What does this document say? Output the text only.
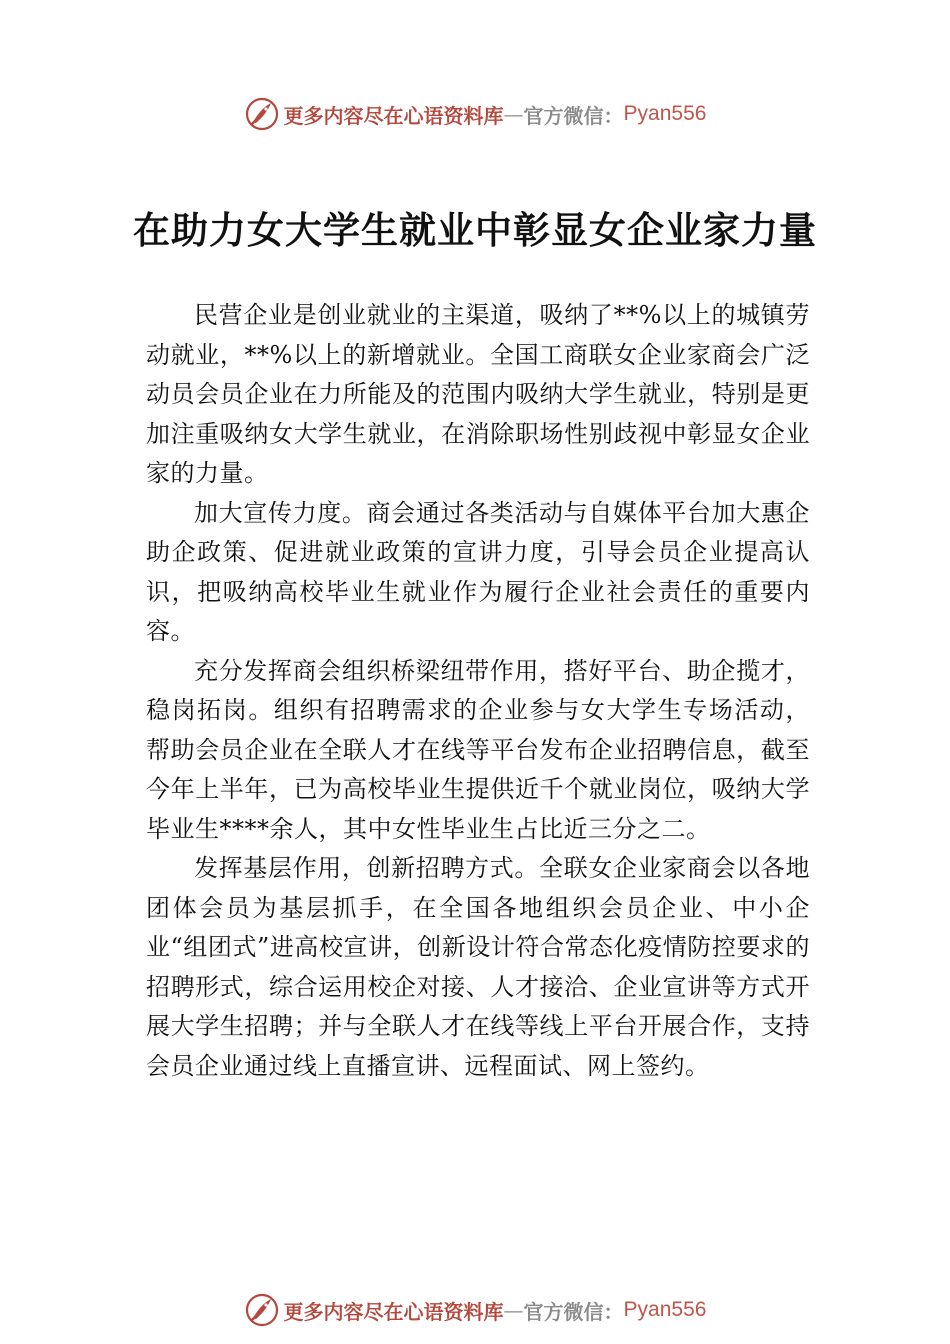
更多内容尽在心语资料库 — 官方微信： Pyan556
在助力女大学生就业中彰显女企业家力量

民营企业是创业就业的主渠道，吸纳了**%以上的城镇劳动就业，**%以上的新增就业。全国工商联女企业家商会广泛动员会员企业在力所能及的范围内吸纳大学生就业，特别是更加注重吸纳女大学生就业，在消除职场性别歧视中彰显女企业家的力量。

加大宣传力度。商会通过各类活动与自媒体平台加大惠企助企政策、促进就业政策的宣讲力度，引导会员企业提高认识，把吸纳高校毕业生就业作为履行企业社会责任的重要内容。

充分发挥商会组织桥梁纽带作用，搭好平台、助企揽才，稳岗拓岗。组织有招聘需求的企业参与女大学生专场活动， 帮助会员企业在全联人才在线等平台发布企业招聘信息，截至今年上半年，已为高校毕业生提供近千个就业岗位，吸纳大学毕业生****余人，其中女性毕业生占比近三分之二。

发挥基层作用，创新招聘方式。全联女企业家商会以各地团体会员为基层抓手，在全国各地组织会员企业、中小企业“组团式”进高校宣讲，创新设计符合常态化疫情防控要求的招聘形式，综合运用校企对接、人才接洽、企业宣讲等方式开展大学生招聘；并与全联人才在线等线上平台开展合作，支持会员企业通过线上直播宣讲、远程面试、网上签约。

更多内容尽在心语资料库 — 官方微信： Pyan556
